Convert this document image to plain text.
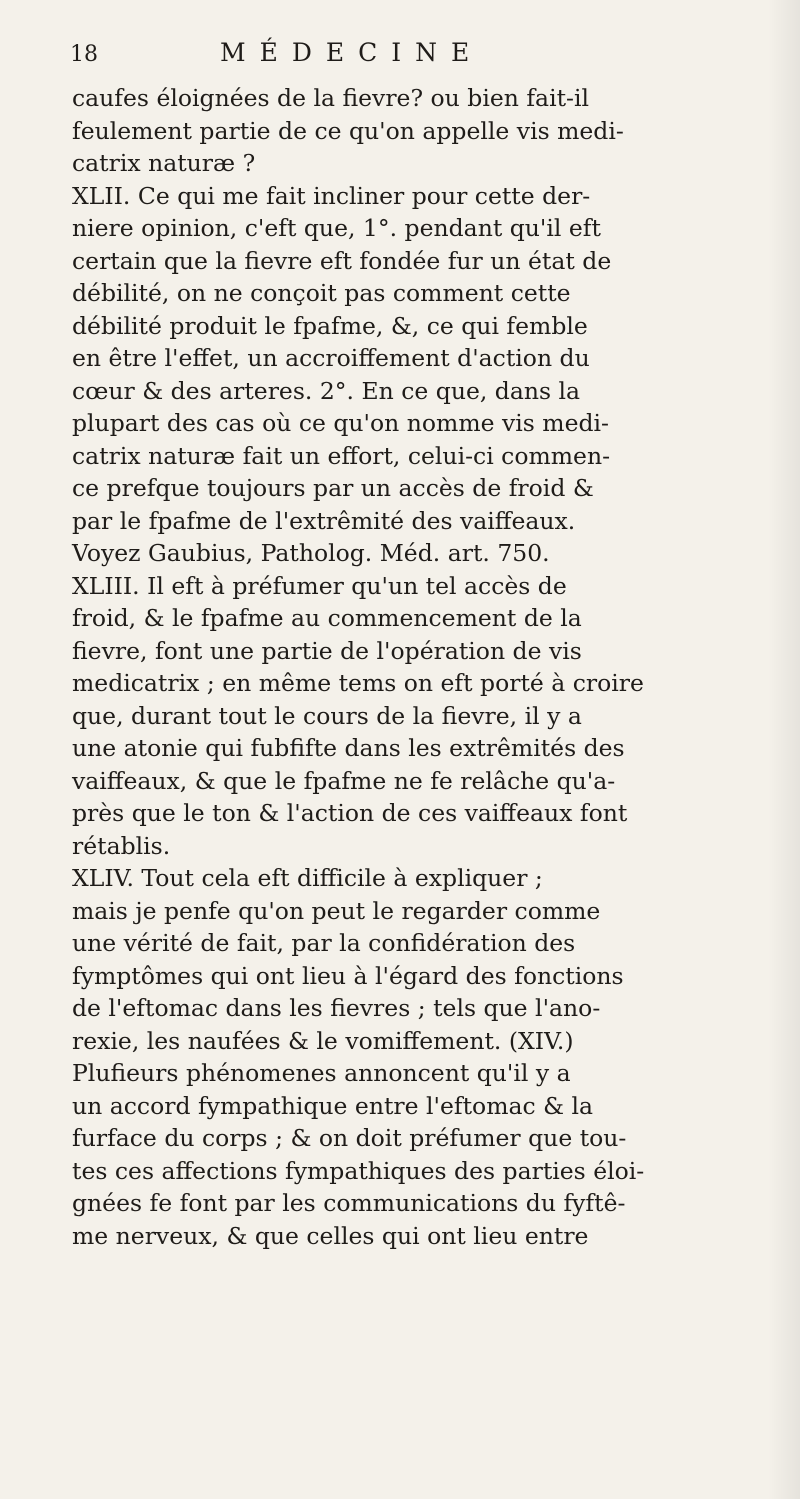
18	MÉDECINE
caufes éloignées de la fievre? ou bien fait-il
feulement partie de ce qu'on appelle vis medi-
catrix naturæ ?
XLII. Ce qui me fait incliner pour cette der-
niere opinion, c'eft que, 1°. pendant qu'il eft
certain que la fievre eft fondée fur un état de
débilité, on ne conçoit pas comment cette
débilité produit le fpafme, &, ce qui femble
en être l'effet, un accroiffement d'action du
cœur & des arteres. 2°. En ce que, dans la
plupart des cas où ce qu'on nomme vis medi-
catrix naturæ fait un effort, celui-ci commen-
ce prefque toujours par un accès de froid &
par le fpafme de l'extrêmité des vaiffeaux.
Voyez Gaubius, Patholog. Méd. art. 750.
XLIII. Il eft à préfumer qu'un tel accès de
froid, & le fpafme au commencement de la
fievre, font une partie de l'opération de vis
medicatrix ; en même tems on eft porté à croire
que, durant tout le cours de la fievre, il y a
une atonie qui fubfifte dans les extrêmités des
vaiffeaux, & que le fpafme ne fe relâche qu'a-
près que le ton & l'action de ces vaiffeaux font
rétablis.
XLIV. Tout cela eft difficile à expliquer ;
mais je penfe qu'on peut le regarder comme
une vérité de fait, par la confidération des
fymptômes qui ont lieu à l'égard des fonctions
de l'eftomac dans les fievres ; tels que l'ano-
rexie, les naufées & le vomiffement. (XIV.)
Plufieurs phénomenes annoncent qu'il y a
un accord fympathique entre l'eftomac & la
furface du corps ; & on doit préfumer que tou-
tes ces affections fympathiques des parties éloi-
gnées fe font par les communications du fyftê-
me nerveux, & que celles qui ont lieu entre
